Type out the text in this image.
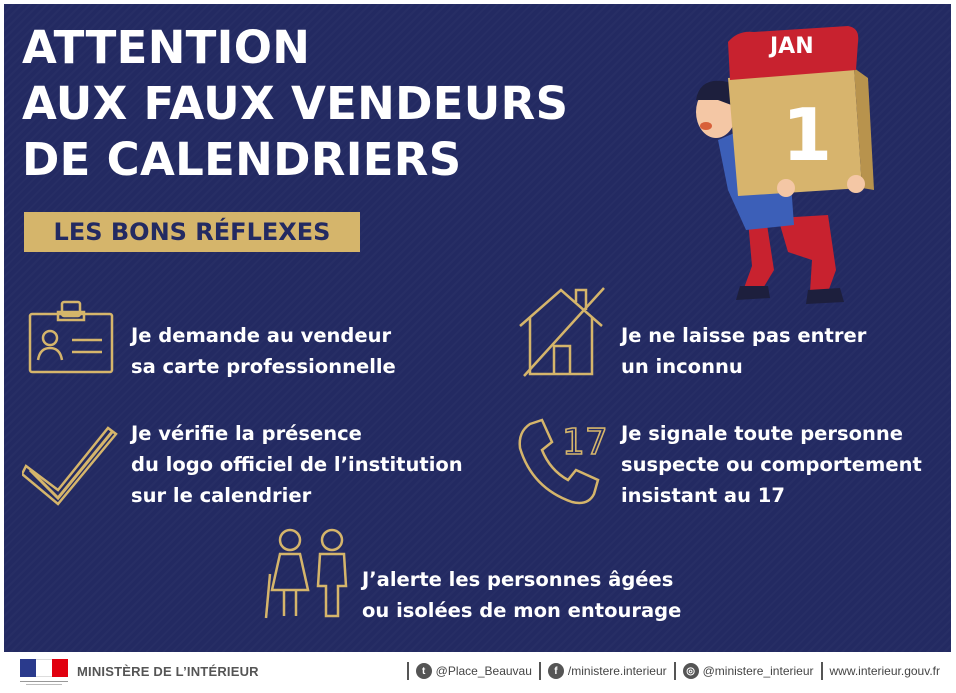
ATTENTION
AUX FAUX VENDEURS
DE CALENDRIERS
LES BONS RÉFLEXES
JAN
1
Je demande au vendeur
sa carte professionnelle
Je ne laisse pas entrer
un inconnu
Je vérifie la présence
du logo officiel de l’institution
sur le calendrier
17 Je signale toute personne
suspecte ou comportement
insistant au 17
J’alerte les personnes âgées
ou isolées de mon entourage
MINISTÈRE DE L’INTÉRIEUR	t @Place_Beauvau	f /ministere.interieur	◎ @ministere_interieur www.interieur.gouv.fr
